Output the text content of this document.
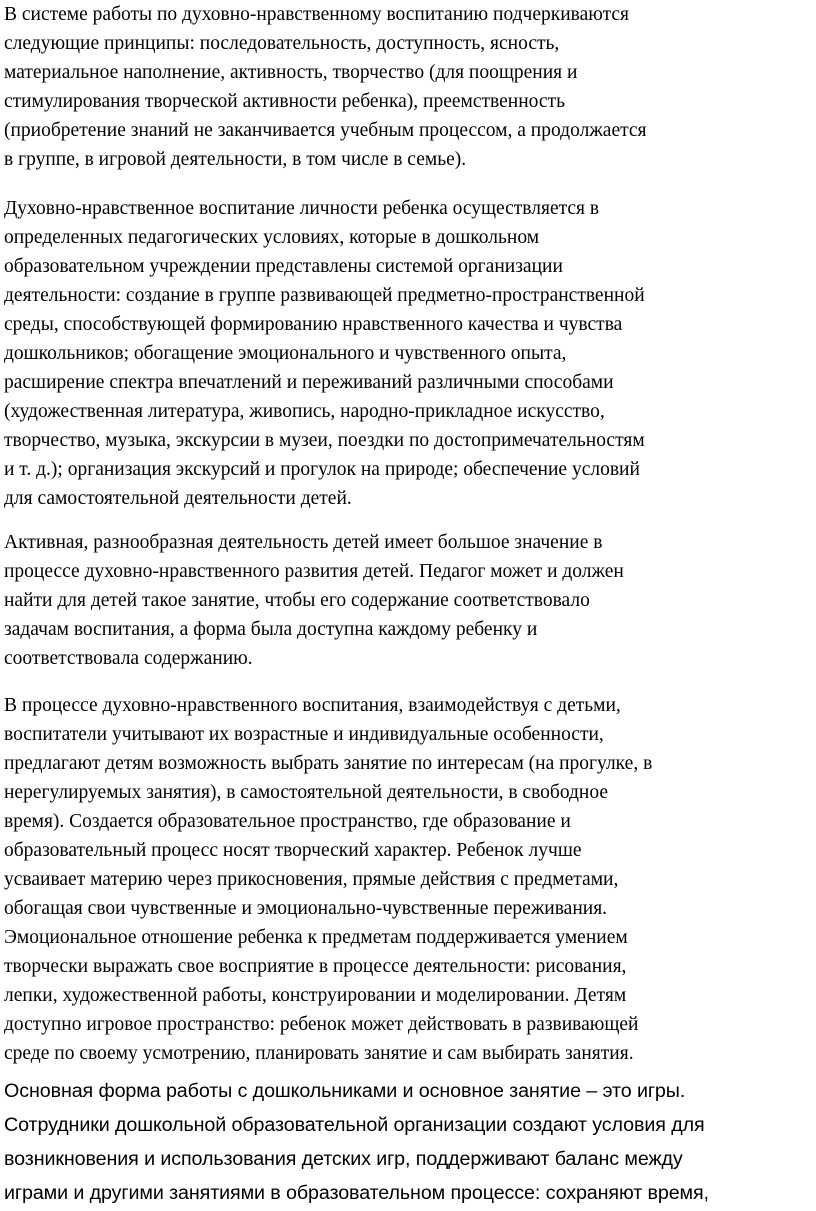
В системе работы по духовно-нравственному воспитанию подчеркиваются
следующие принципы: последовательность, доступность, ясность,
материальное наполнение, активность, творчество (для поощрения и
стимулирования творческой активности ребенка), преемственность
(приобретение знаний не заканчивается учебным процессом, а продолжается
в группе, в игровой деятельности, в том числе в семье).

Духовно-нравственное воспитание личности ребенка осуществляется в
определенных педагогических условиях, которые в дошкольном
образовательном учреждении представлены системой организации
деятельности: создание в группе развивающей предметно-пространственной
среды, способствующей формированию нравственного качества и чувства
дошкольников; обогащение эмоционального и чувственного опыта,
расширение спектра впечатлений и переживаний различными способами
(художественная литература, живопись, народно-прикладное искусство,
творчество, музыка, экскурсии в музеи, поездки по достопримечательностям
и т. д.); организация экскурсий и прогулок на природе; обеспечение условий
для самостоятельной деятельности детей.

Активная, разнообразная деятельность детей имеет большое значение в
процессе духовно-нравственного развития детей. Педагог может и должен
найти для детей такое занятие, чтобы его содержание соответствовало
задачам воспитания, а форма была доступна каждому ребенку и
соответствовала содержанию.

В процессе духовно-нравственного воспитания, взаимодействуя с детьми,
воспитатели учитывают их возрастные и индивидуальные особенности,
предлагают детям возможность выбрать занятие по интересам (на прогулке, в
нерегулируемых занятия), в самостоятельной деятельности, в свободное
время). Создается образовательное пространство, где образование и
образовательный процесс носят творческий характер. Ребенок лучше
усваивает материю через прикосновения, прямые действия с предметами,
обогащая свои чувственные и эмоционально-чувственные переживания.
Эмоциональное отношение ребенка к предметам поддерживается умением
творчески выражать свое восприятие в процессе деятельности: рисования,
лепки, художественной работы, конструировании и моделировании. Детям
доступно игровое пространство: ребенок может действовать в развивающей
среде по своему усмотрению, планировать занятие и сам выбирать занятия.

Основная форма работы с дошкольниками и основное занятие – это игры.
Сотрудники дошкольной образовательной организации создают условия для
возникновения и использования детских игр, поддерживают баланс между
играми и другими занятиями в образовательном процессе: сохраняют время,
